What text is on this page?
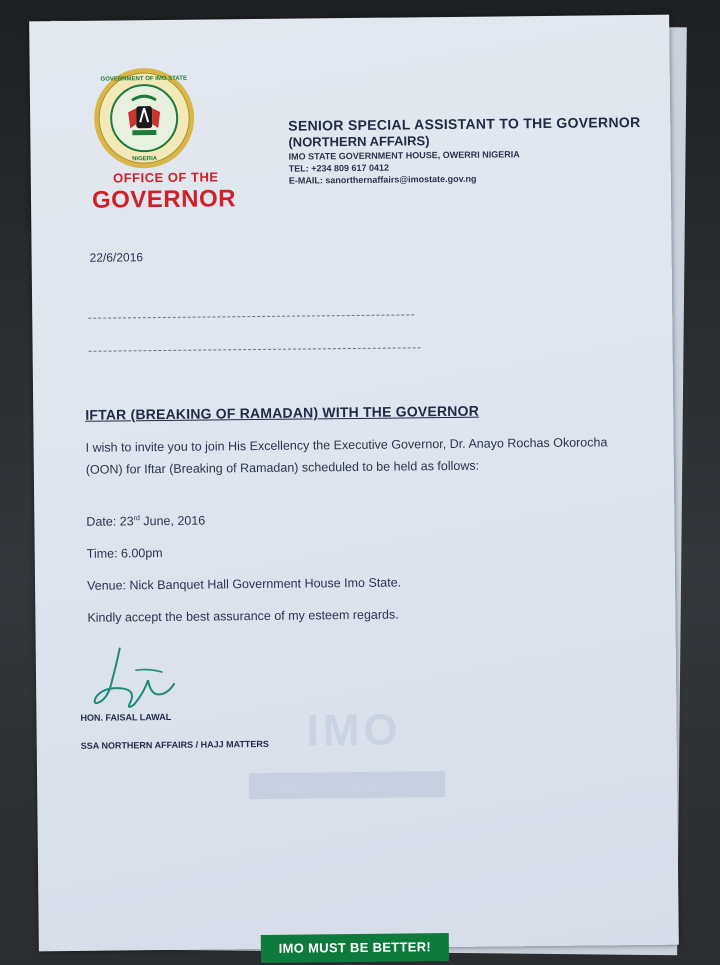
GOVERNMENT OF IMO STATE
NIGERIA
OFFICE OF THE
GOVERNOR
SENIOR SPECIAL ASSISTANT TO THE GOVERNOR
(NORTHERN AFFAIRS)
IMO STATE GOVERNMENT HOUSE, OWERRI NIGERIA
TEL: +234 809 617 0412
E-MAIL: sanorthernaffairs@imostate.gov.ng
22/6/2016
IFTAR (BREAKING OF RAMADAN) WITH THE GOVERNOR
I wish to invite you to join His Excellency the Executive Governor, Dr. Anayo Rochas Okorocha (OON) for Iftar (Breaking of Ramadan) scheduled to be held as follows:
Date: 23rd June, 2016
Time: 6.00pm
Venue: Nick Banquet Hall Government House Imo State.
Kindly accept the best assurance of my esteem regards.
HON. FAISAL LAWAL
SSA NORTHERN AFFAIRS / HAJJ MATTERS IMO
RESCUE MISSION
IMO MUST BE BETTER!
